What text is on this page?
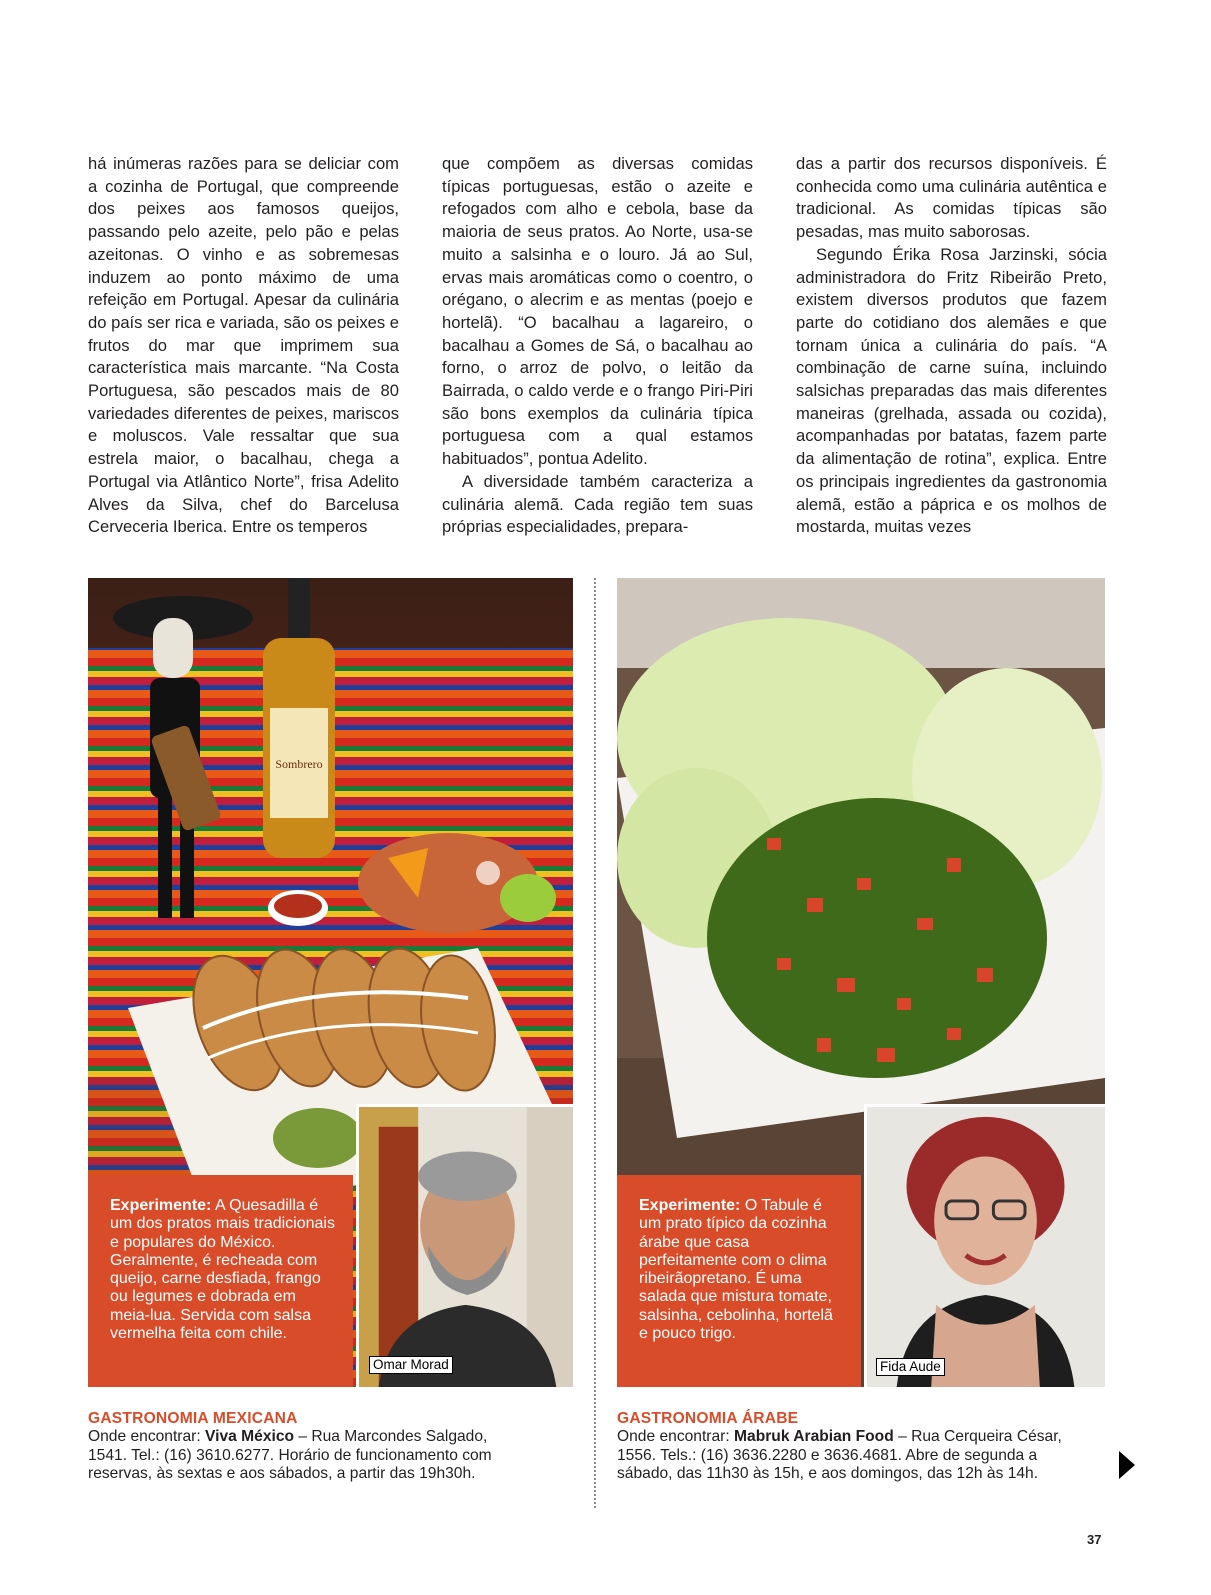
há inúmeras razões para se deliciar com a cozinha de Portugal, que compreende dos peixes aos famosos queijos, passando pelo azeite, pelo pão e pelas azeitonas. O vinho e as sobremesas induzem ao ponto máximo de uma refeição em Portugal. Apesar da culinária do país ser rica e variada, são os peixes e frutos do mar que imprimem sua característica mais marcante. “Na Costa Portuguesa, são pescados mais de 80 variedades diferentes de peixes, mariscos e moluscos. Vale ressaltar que sua estrela maior, o bacalhau, chega a Portugal via Atlântico Norte”, frisa Adelito Alves da Silva, chef do Barcelusa Cerveceria Iberica. Entre os temperos

que compõem as diversas comidas típicas portuguesas, estão o azeite e refogados com alho e cebola, base da maioria de seus pratos. Ao Norte, usa-se muito a salsinha e o louro. Já ao Sul, ervas mais aromáticas como o coentro, o orégano, o alecrim e as mentas (poejo e hortelã). “O bacalhau a lagareiro, o bacalhau a Gomes de Sá, o bacalhau ao forno, o arroz de polvo, o leitão da Bairrada, o caldo verde e o frango Piri-Piri são bons exemplos da culinária típica portuguesa com a qual estamos habituados”, pontua Adelito.

A diversidade também caracteriza a culinária alemã. Cada região tem suas próprias especialidades, prepara-

das a partir dos recursos disponíveis. É conhecida como uma culinária autêntica e tradicional. As comidas típicas são pesadas, mas muito saborosas.

Segundo Érika Rosa Jarzinski, sócia administradora do Fritz Ribeirão Preto, existem diversos produtos que fazem parte do cotidiano dos alemães e que tornam única a culinária do país. “A combinação de carne suína, incluindo salsichas preparadas das mais diferentes maneiras (grelhada, assada ou cozida), acompanhadas por batatas, fazem parte da alimentação de rotina”, explica. Entre os principais ingredientes da gastronomia alemã, estão a páprica e os molhos de mostarda, muitas vezes

Sombrero
Experimente: A Quesadilla é um dos pratos mais tradicionais e populares do México. Geralmente, é recheada com queijo, carne desfiada, frango ou legumes e dobrada em meia-lua. Servida com salsa vermelha feita com chile.
Experimente: O Tabule é um prato típico da cozinha árabe que casa perfeitamente com o clima ribeirãopretano. É uma salada que mistura tomate, salsinha, cebolinha, hortelã e pouco trigo.
Omar Morad	Fida Aude
GASTRONOMIA MEXICANA

Onde encontrar: Viva México – Rua Marcondes Salgado, 1541. Tel.: (16) 3610.6277. Horário de funcionamento com reservas, às sextas e aos sábados, a partir das 19h30h.

GASTRONOMIA ÁRABE

Onde encontrar: Mabruk Arabian Food – Rua Cerqueira César, 1556. Tels.: (16) 3636.2280 e 3636.4681. Abre de segunda a sábado, das 11h30 às 15h, e aos domingos, das 12h às 14h.

37
